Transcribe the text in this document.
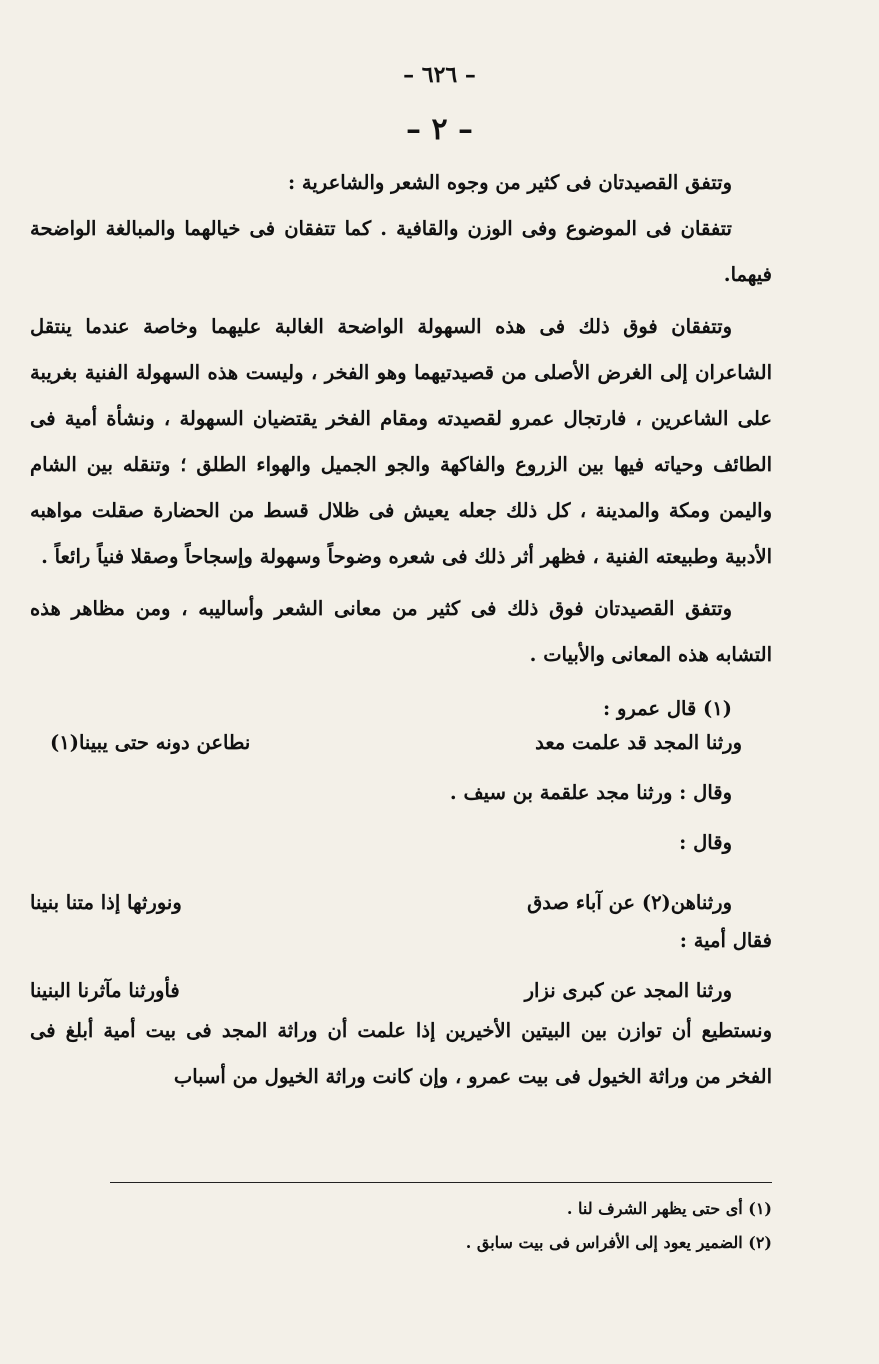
– ٦٢٦ –
– ٢ –

وتتفق القصيدتان فى كثير من وجوه الشعر والشاعرية :

تتفقان فى الموضوع وفى الوزن والقافية . كما تتفقان فى خيالهما والمبالغة الواضحة فيهما.

وتتفقان فوق ذلك فى هذه السهولة الواضحة الغالبة عليهما وخاصة عندما ينتقل الشاعران إلى الغرض الأصلى من قصيدتيهما وهو الفخر ، وليست هذه السهولة الفنية بغريبة على الشاعرين ، فارتجال عمرو لقصيدته ومقام الفخر يقتضيان السهولة ، ونشأة أمية فى الطائف وحياته فيها بين الزروع والفاكهة والجو الجميل والهواء الطلق ؛ وتنقله بين الشام واليمن ومكة والمدينة ، كل ذلك جعله يعيش فى ظلال قسط من الحضارة صقلت مواهبه الأدبية وطبيعته الفنية ، فظهر أثر ذلك فى شعره وضوحاً وسهولة وإسجاحاً وصقلا فنياً رائعاً .

وتتفق القصيدتان فوق ذلك فى كثير من معانى الشعر وأساليبه ، ومن مظاهر هذه التشابه هذه المعانى والأبيات .

(١) قال عمرو :

ورثنا المجد قد علمت معد
نطاعن دونه حتى يبينا(١)

وقال : ورثنا مجد علقمة بن سيف .

وقال :

ورثناهن(٢) عن آباء صدق
ونورثها إذا متنا بنينا

فقال أمية :

ورثنا المجد عن كبرى نزار
فأورثنا مآثرنا البنينا

ونستطيع أن توازن بين البيتين الأخيرين إذا علمت أن وراثة المجد فى بيت أمية أبلغ فى الفخر من وراثة الخيول فى بيت عمرو ، وإن كانت وراثة الخيول من أسباب

(١) أى حتى يظهر الشرف لنا .

(٢) الضمير يعود إلى الأفراس فى بيت سابق .
